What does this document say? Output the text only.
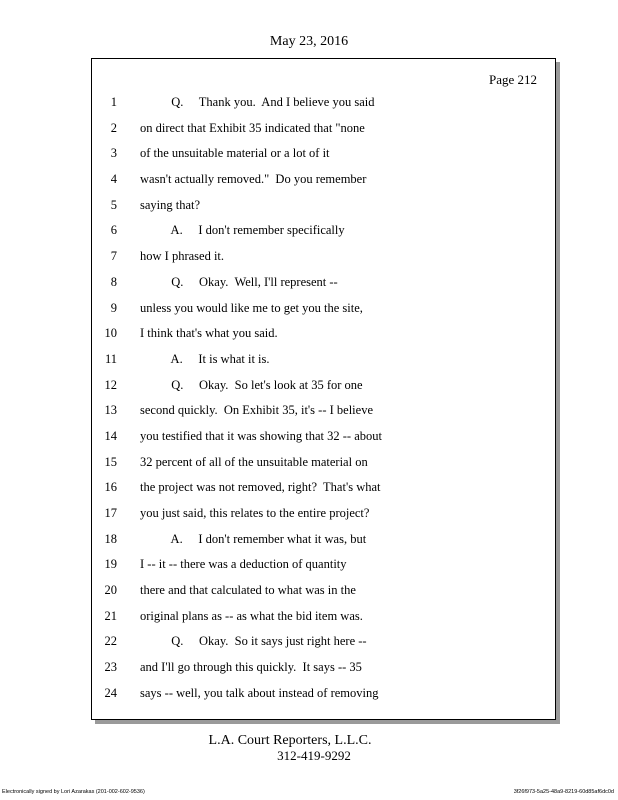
May 23, 2016
Page 212
1 Q.     Thank you.  And I believe you said
2 on direct that Exhibit 35 indicated that "none
3 of the unsuitable material or a lot of it
4 wasn't actually removed."  Do you remember
5 saying that?
6 A.     I don't remember specifically
7 how I phrased it.
8 Q.     Okay.  Well, I'll represent --
9 unless you would like me to get you the site,
10 I think that's what you said.
11 A.     It is what it is.
12 Q.     Okay.  So let's look at 35 for one
13 second quickly.  On Exhibit 35, it's -- I believe
14 you testified that it was showing that 32 -- about
15 32 percent of all of the unsuitable material on
16 the project was not removed, right?  That's what
17 you just said, this relates to the entire project?
18 A.     I don't remember what it was, but
19 I -- it -- there was a deduction of quantity
20 there and that calculated to what was in the
21 original plans as -- as what the bid item was.
22 Q.     Okay.  So it says just right here --
23 and I'll go through this quickly.  It says -- 35
24 says -- well, you talk about instead of removing
L.A. Court Reporters, L.L.C.
312-419-9292
Electronically signed by Lori Azarakas (201-002-602-9536)	3f26f973-5a25-48a9-8219-60d85af6dc0d
